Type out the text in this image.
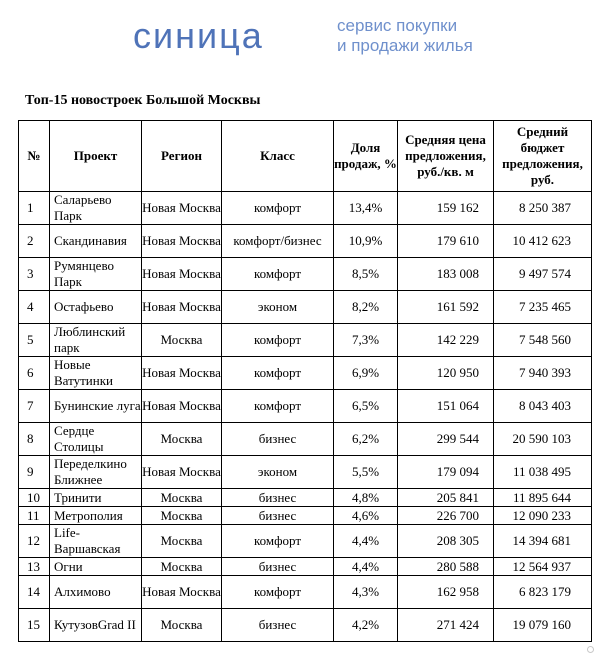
синица	сервис покупки
и продажи жилья
Топ-15 новостроек Большой Москвы
№	Проект	Регион	Класс	Доля продаж, %	Средняя цена предложения, руб./кв. м	Средний бюджет предложения, руб.
1	Саларьево Парк	Новая Москва	комфорт	13,4%	159 162	8 250 387
2	Скандинавия	Новая Москва	комфорт/бизнес	10,9%	179 610	10 412 623
3	Румянцево Парк	Новая Москва	комфорт	8,5%	183 008	9 497 574
4	Остафьево	Новая Москва	эконом	8,2%	161 592	7 235 465
5	Люблинский парк	Москва	комфорт	7,3%	142 229	7 548 560
6	Новые Ватутинки	Новая Москва	комфорт	6,9%	120 950	7 940 393
7	Бунинские луга	Новая Москва	комфорт	6,5%	151 064	8 043 403
8	Сердце Столицы	Москва	бизнес	6,2%	299 544	20 590 103
9	Переделкино Ближнее	Новая Москва	эконом	5,5%	179 094	11 038 495
10	Тринити	Москва	бизнес	4,8%	205 841	11 895 644
11	Метрополия	Москва	бизнес	4,6%	226 700	12 090 233
12	Life-Варшавская	Москва	комфорт	4,4%	208 305	14 394 681
13	Огни	Москва	бизнес	4,4%	280 588	12 564 937
14	Алхимово	Новая Москва	комфорт	4,3%	162 958	6 823 179
15	КутузовGrad II	Москва	бизнес	4,2%	271 424	19 079 160
